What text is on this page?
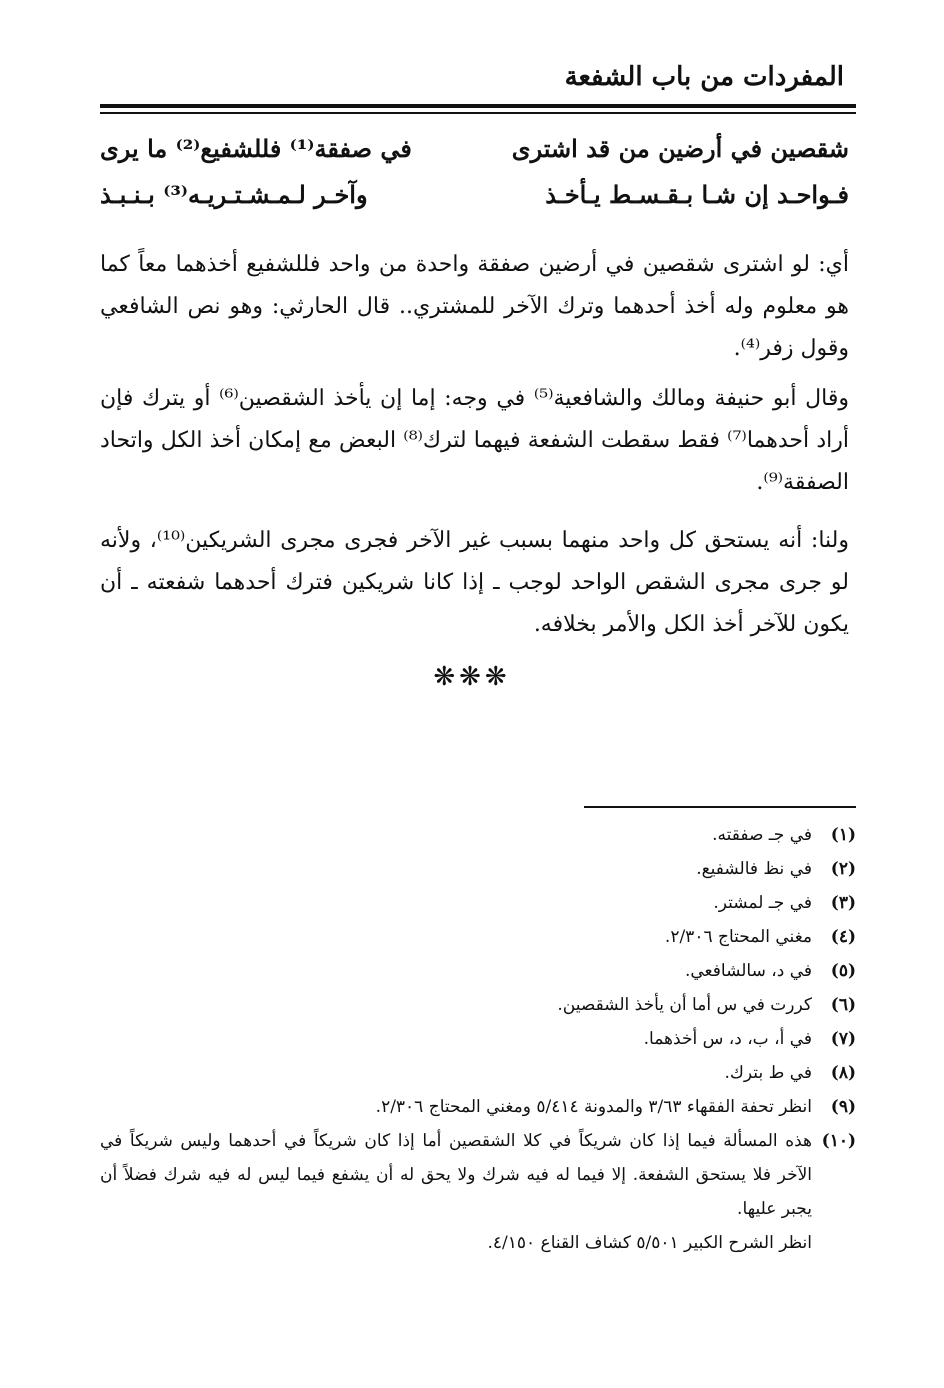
المفردات من باب الشفعة
شقصين في أرضين من قد اشترى
في صفقة⁽¹⁾ فللشفيع⁽²⁾ ما يرى
فـواحـد إن شـا بـقـسـط يـأخـذ
وآخـر لـمـشـتـريـه⁽³⁾ بـنـبـذ
أي: لو اشترى شقصين في أرضين صفقة واحدة من واحد فللشفيع أخذهما معاً كما هو معلوم وله أخذ أحدهما وترك الآخر للمشتري.. قال الحارثي: وهو نص الشافعي وقول زفر⁽⁴⁾.
وقال أبو حنيفة ومالك والشافعية⁽⁵⁾ في وجه: إما إن يأخذ الشقصين⁽⁶⁾ أو يترك فإن أراد أحدهما⁽⁷⁾ فقط سقطت الشفعة فيهما لترك⁽⁸⁾ البعض مع إمكان أخذ الكل واتحاد الصفقة⁽⁹⁾.
ولنا: أنه يستحق كل واحد منهما بسبب غير الآخر فجرى مجرى الشريكين⁽¹⁰⁾، ولأنه لو جرى مجرى الشقص الواحد لوجب ـ إذا كانا شريكين فترك أحدهما شفعته ـ أن يكون للآخر أخذ الكل والأمر بخلافه.
❋❋❋
(١)
في جـ صفقته.
(٢)
في نظ فالشفيع.
(٣)
في جـ لمشتر.
(٤)
مغني المحتاج ٢/٣٠٦.
(٥)
في د، سالشافعي.
(٦)
كررت في س أما أن يأخذ الشقصين.
(٧)
في أ، ب، د، س أخذهما.
(٨)
في ط بترك.
(٩)
انظر تحفة الفقهاء ٣/٦٣ والمدونة ٥/٤١٤ ومغني المحتاج ٢/٣٠٦.
(١٠)
هذه المسألة فيما إذا كان شريكاً في كلا الشقصين أما إذا كان شريكاً في أحدهما وليس شريكاً في الآخر فلا يستحق الشفعة. إلا فيما له فيه شرك ولا يحق له أن يشفع فيما ليس له فيه شرك فضلاً أن يجبر عليها.
انظر الشرح الكبير ٥/٥٠١ كشاف القناع ٤/١٥٠.
